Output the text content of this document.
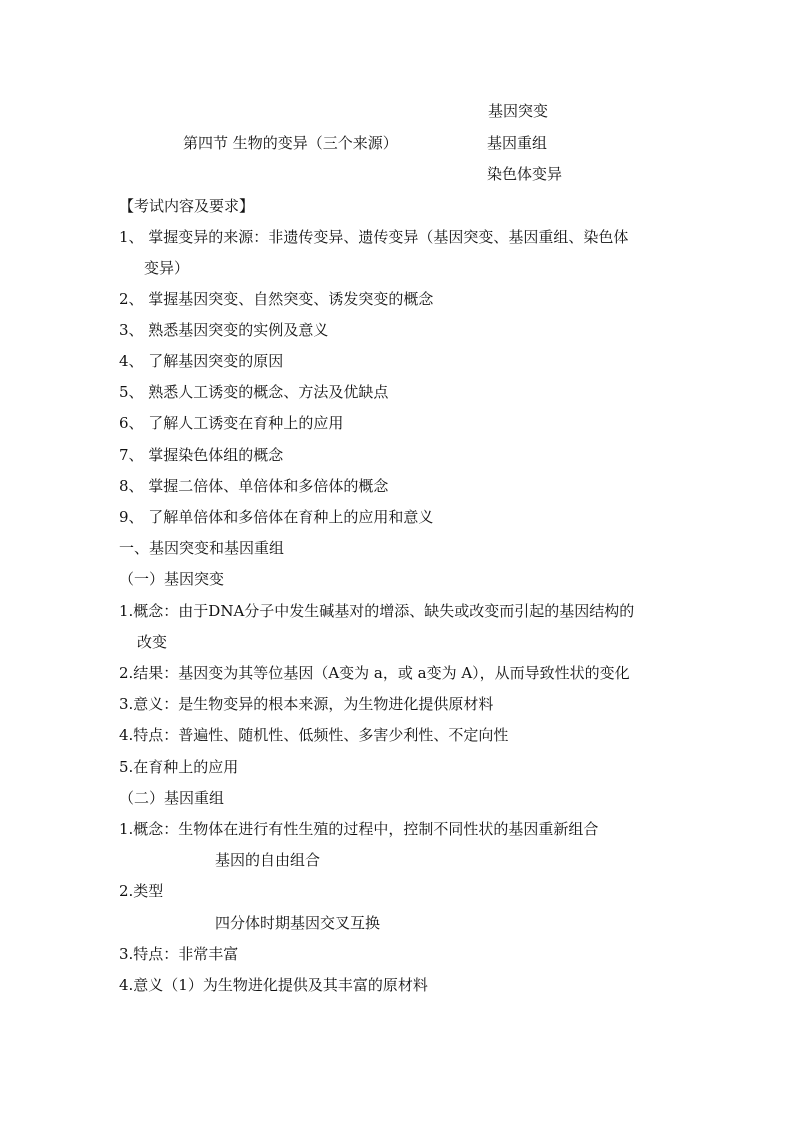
基因突变
第四节 生物的变异（三个来源）	基因重组
染色体变异
【考试内容及要求】
1、 掌握变异的来源：非遗传变异、遗传变异（基因突变、基因重组、染色体
变异）
2、 掌握基因突变、自然突变、诱发突变的概念
3、 熟悉基因突变的实例及意义
4、 了解基因突变的原因
5、 熟悉人工诱变的概念、方法及优缺点
6、 了解人工诱变在育种上的应用
7、 掌握染色体组的概念
8、 掌握二倍体、单倍体和多倍体的概念
9、 了解单倍体和多倍体在育种上的应用和意义
一、基因突变和基因重组
（一）基因突变
1.概念：由于DNA分子中发生碱基对的增添、缺失或改变而引起的基因结构的
改变
2.结果：基因变为其等位基因（A变为 a，或 a变为 A），从而导致性状的变化
3.意义：是生物变异的根本来源，为生物进化提供原材料
4.特点：普遍性、随机性、低频性、多害少利性、不定向性
5.在育种上的应用
（二）基因重组
1.概念：生物体在进行有性生殖的过程中，控制不同性状的基因重新组合
基因的自由组合
2.类型
四分体时期基因交叉互换
3.特点：非常丰富
4.意义（1）为生物进化提供及其丰富的原材料
